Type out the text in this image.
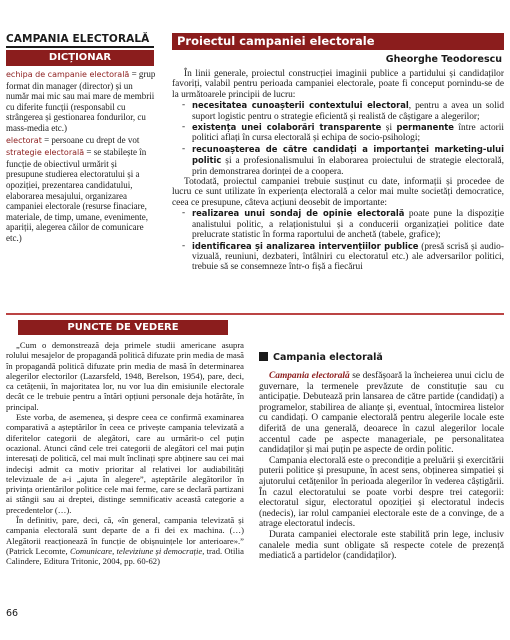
CAMPANIA ELECTORALĂ
DICȚIONAR

echipa de campanie electorală = grup format din manager (director) și un număr mai mic sau mai mare de membrii cu diferite funcții (responsabil cu strângerea și gestionarea fondurilor, cu mass-media etc.)

electorat = persoane cu drept de vot

strategie electorală = se stabilește în funcție de obiectivul urmărit și presupune studierea electoratului și a opoziției, prezentarea candidatului, elaborarea mesajului, organizarea campaniei electorale (resurse finaciare, materiale, de timp, umane, evenimente, apariții, alegerea căilor de comunicare etc.)

Proiectul campaniei electorale
Gheorghe Teodorescu

În linii generale, proiectul construcției imaginii publice a partidului și candidaților favoriți, valabil pentru perioada campaniei electorale, poate fi conceput pornindu-se de la următoarele principii de lucru:

- necesitatea cunoașterii contextului electoral, pentru a avea un solid suport logistic pentru o strategie eficientă și realistă de câștigare a alegerilor;
- existența unei colaborări transparente și permanente între actorii politici aflați în cursa electorală și echipa de socio-psihologi;
- recunoașterea de către candidați a importanței marketing-ului politic și a profesionalismului în elaborarea proiectului de strategie electorală, prin demonstrarea dorinței de a coopera.

Totodată, proiectul campaniei trebuie susținut cu date, informații și procedee de lucru ce sunt utilizate în experiența electorală a celor mai multe societăți democratice, ceea ce presupune, câteva acțiuni deosebit de importante:

- realizarea unui sondaj de opinie electorală poate pune la dispoziție analistului politic, a relaționistului și a conducerii organizației politice date prelucrate statistic în forma raportului de anchetă (tabele, grafice);
- identificarea și analizarea intervențiilor publice (presă scrisă și audio-vizuală, reuniuni, dezbateri, întâlniri cu electoratul etc.) ale adversarilor politici, trebuie să se consemneze într-o fișă a fiecărui
PUNCTE DE VEDERE

„Cum o demonstrează deja primele studii americane asupra rolului mesajelor de propagandă politică difuzate prin media de masă în propagandă politică difuzate prin media de masă în determinarea alegerilor electorilor (Lazarsfeld, 1948, Berelson, 1954), pare, deci, ca cetățenii, în majoritatea lor, nu vor lua din emisiunile electorale decât ce le trebuie pentru a întări opțiuni personale deja hotărâte, în principal.

Este vorba, de asemenea, și despre ceea ce confirmă examinarea comparativă a așteptărilor în ceea ce privește campania televizată a diferitelor categorii de alegători, care au urmărit-o cel puțin ocazional. Atunci când cele trei categorii de alegători cel mai puțin interesați de politică, cel mai mult înclinați spre abținere sau cei mai indeciși admit ca motiv prioritar al relativei lor audiabilități televizuale de a-i „ajuta în alegere”, așteptările alegătorilor în privința orientărilor politice cele mai ferme, care se declară partizani ai stângii sau ai dreptei, distinge semnificativ această categorie a precedentelor (…).

În definitiv, pare, deci, că, «în general, campania televizată și campania electorală sunt departe de a fi dei ex machina. (…) Alegătorii reacționează în funcție de obișnuințele lor anterioare».” (Patrick Lecomte, Comunicare, televiziune și democrație, trad. Otilia Calindere, Editura Tritonic, 2004, pp. 60-62)

Campania electorală

Campania electorală se desfășoară la încheierea unui ciclu de guvernare, la termenele prevăzute de constituție sau cu anticipație. Debutează prin lansarea de către partide (candidați) a programelor, stabilirea de alianțe și, eventual, întocmirea listelor cu candidați. O campanie electorală pentru alegerile locale este diferită de una generală, deoarece în cazul alegerilor locale accentul cade pe aspecte manageriale, pe personalitatea candidaților și mai puțin pe aspecte de ordin politic.

Campania electorală este o precondiție a preluării și exercitării puterii politice și presupune, în acest sens, obținerea simpatiei și ajutorului cetățenilor în perioada alegerilor în vederea câștigării. În cazul electoratului se poate vorbi despre trei categorii: electoratul sigur, electoratul opoziției și electoratul indecis (nedecis), iar rolul campaniei electorale este de a convinge, de a atrage electoratul indecis.

Durata campaniei electorale este stabilită prin lege, inclusiv canalele media sunt obligate să respecte cotele de prezență mediatică a partidelor (candidaților).

66
